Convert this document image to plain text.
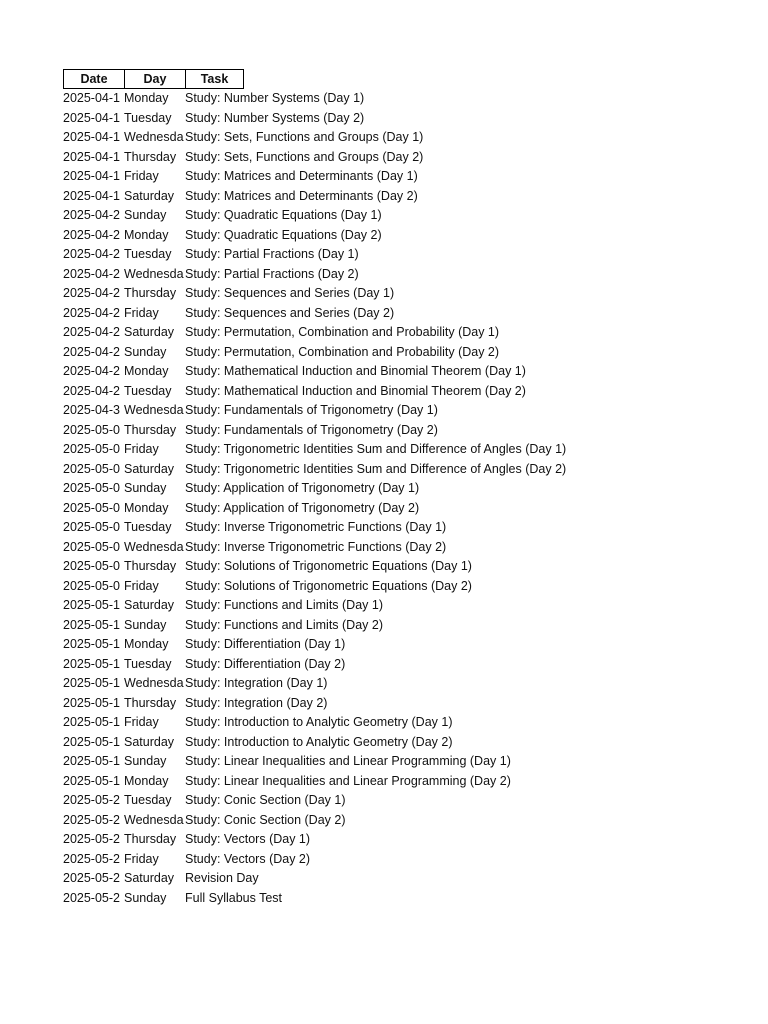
Date	Day	Task
2025-04-1 Monday	Study: Number Systems (Day 1)
2025-04-1 Tuesday	Study: Number Systems (Day 2)
2025-04-1 Wednesda Study: Sets, Functions and Groups (Day 1)
2025-04-1 Thursday Study: Sets, Functions and Groups (Day 2)
2025-04-1 Friday	Study: Matrices and Determinants (Day 1)
2025-04-1 Saturday Study: Matrices and Determinants (Day 2)
2025-04-2 Sunday	Study: Quadratic Equations (Day 1)
2025-04-2 Monday	Study: Quadratic Equations (Day 2)
2025-04-2 Tuesday	Study: Partial Fractions (Day 1)
2025-04-2 Wednesda Study: Partial Fractions (Day 2)
2025-04-2 Thursday Study: Sequences and Series (Day 1)
2025-04-2 Friday	Study: Sequences and Series (Day 2)
2025-04-2 Saturday Study: Permutation, Combination and Probability (Day 1)
2025-04-2 Sunday	Study: Permutation, Combination and Probability (Day 2)
2025-04-2 Monday	Study: Mathematical Induction and Binomial Theorem (Day 1)
2025-04-2 Tuesday	Study: Mathematical Induction and Binomial Theorem (Day 2)
2025-04-3 Wednesda Study: Fundamentals of Trigonometry (Day 1)
2025-05-0 Thursday Study: Fundamentals of Trigonometry (Day 2)
2025-05-0 Friday	Study: Trigonometric Identities Sum and Difference of Angles (Day 1)
2025-05-0 Saturday Study: Trigonometric Identities Sum and Difference of Angles (Day 2)
2025-05-0 Sunday	Study: Application of Trigonometry (Day 1)
2025-05-0 Monday	Study: Application of Trigonometry (Day 2)
2025-05-0 Tuesday	Study: Inverse Trigonometric Functions (Day 1)
2025-05-0 Wednesda Study: Inverse Trigonometric Functions (Day 2)
2025-05-0 Thursday Study: Solutions of Trigonometric Equations (Day 1)
2025-05-0 Friday	Study: Solutions of Trigonometric Equations (Day 2)
2025-05-1 Saturday Study: Functions and Limits (Day 1)
2025-05-1 Sunday	Study: Functions and Limits (Day 2)
2025-05-1 Monday	Study: Differentiation (Day 1)
2025-05-1 Tuesday	Study: Differentiation (Day 2)
2025-05-1 Wednesda Study: Integration (Day 1)
2025-05-1 Thursday Study: Integration (Day 2)
2025-05-1 Friday	Study: Introduction to Analytic Geometry (Day 1)
2025-05-1 Saturday Study: Introduction to Analytic Geometry (Day 2)
2025-05-1 Sunday	Study: Linear Inequalities and Linear Programming (Day 1)
2025-05-1 Monday	Study: Linear Inequalities and Linear Programming (Day 2)
2025-05-2 Tuesday	Study: Conic Section (Day 1)
2025-05-2 Wednesda Study: Conic Section (Day 2)
2025-05-2 Thursday Study: Vectors (Day 1)
2025-05-2 Friday	Study: Vectors (Day 2)
2025-05-2 Saturday Revision Day
2025-05-2 Sunday	Full Syllabus Test
